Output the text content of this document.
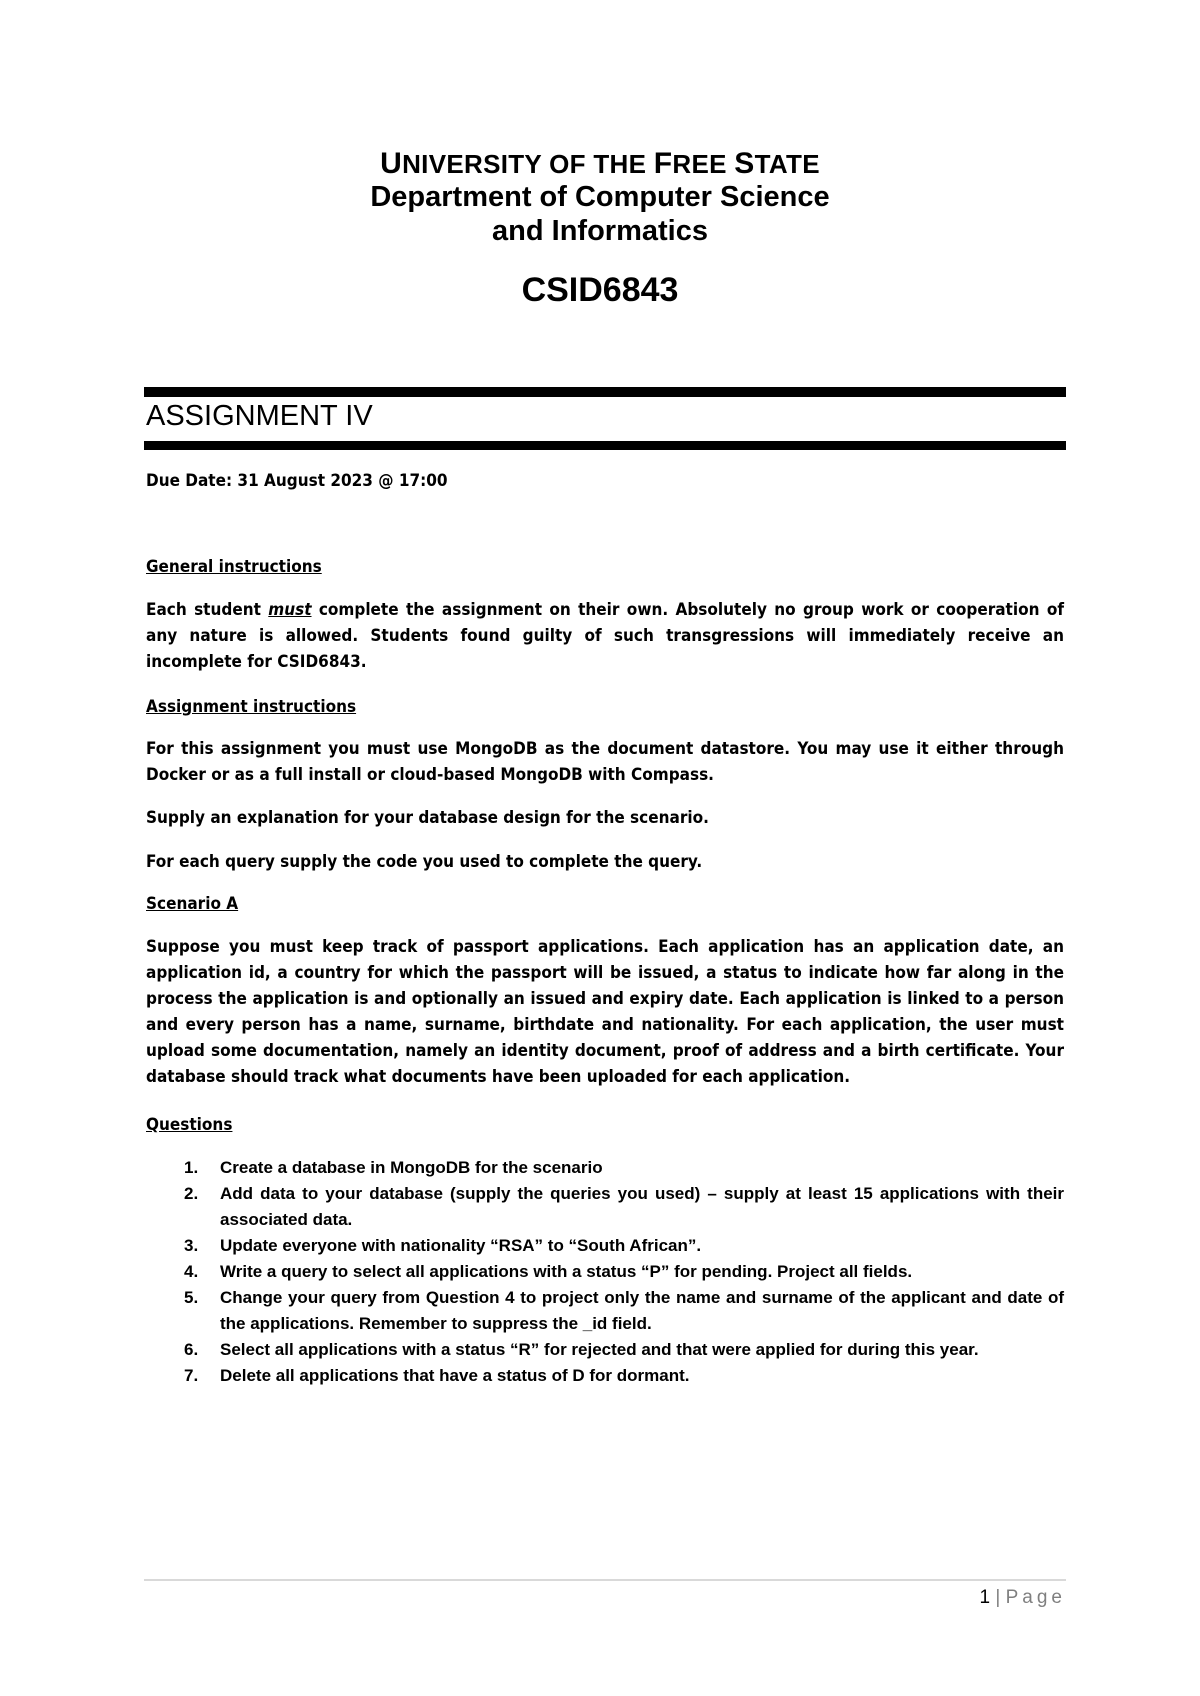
UNIVERSITY OF THE FREE STATE
Department of Computer Science
and Informatics
CSID6843
ASSIGNMENT IV
Due Date: 31 August 2023 @ 17:00
General instructions
Each student must complete the assignment on their own. Absolutely no group work or cooperation of any nature is allowed. Students found guilty of such transgressions will immediately receive an incomplete for CSID6843.
Assignment instructions
For this assignment you must use MongoDB as the document datastore. You may use it either through Docker or as a full install or cloud-based MongoDB with Compass.
Supply an explanation for your database design for the scenario.
For each query supply the code you used to complete the query.
Scenario A
Suppose you must keep track of passport applications. Each application has an application date, an application id, a country for which the passport will be issued, a status to indicate how far along in the process the application is and optionally an issued and expiry date. Each application is linked to a person and every person has a name, surname, birthdate and nationality. For each application, the user must upload some documentation, namely an identity document, proof of address and a birth certificate. Your database should track what documents have been uploaded for each application.
Questions
1. Create a database in MongoDB for the scenario
2. Add data to your database (supply the queries you used) – supply at least 15 applications with their associated data.
3. Update everyone with nationality “RSA” to “South African”.
4. Write a query to select all applications with a status “P” for pending. Project all fields.
5. Change your query from Question 4 to project only the name and surname of the applicant and date of the applications. Remember to suppress the _id field.
6. Select all applications with a status “R” for rejected and that were applied for during this year.
7. Delete all applications that have a status of D for dormant.
1 | Page
